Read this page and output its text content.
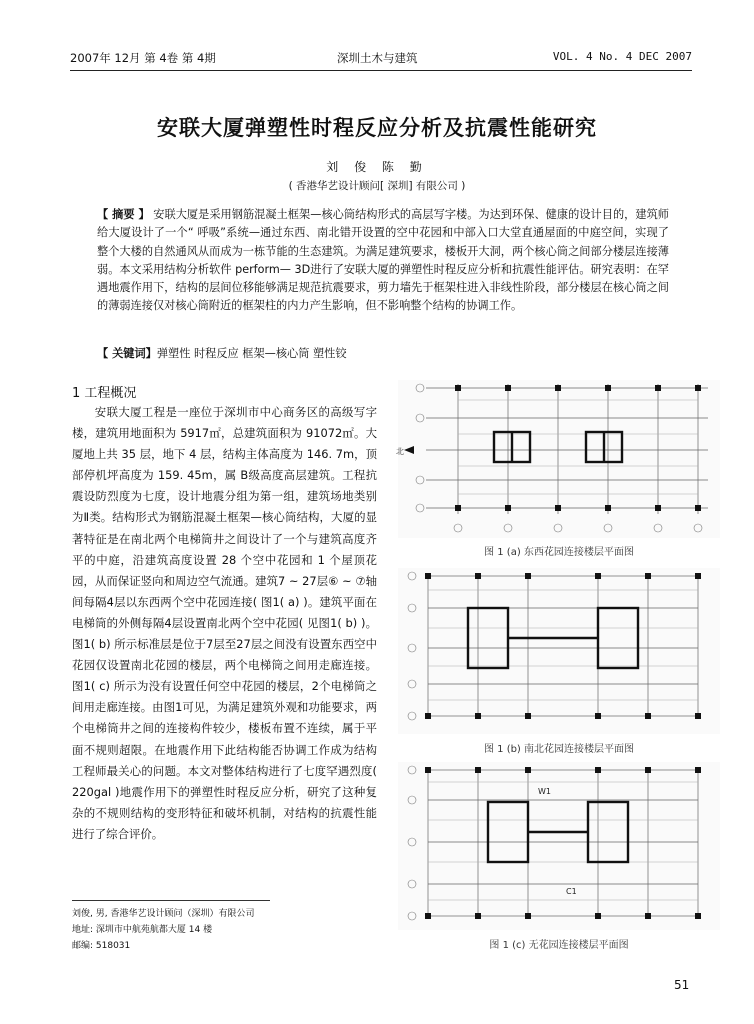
2007年 12月 第 4卷 第 4期	深圳土木与建筑	VOL. 4 No. 4 DEC 2007
安联大厦弹塑性时程反应分析及抗震性能研究
刘 俊 陈 勤
( 香港华艺设计顾问[ 深圳] 有限公司 )
【 摘要 】 安联大厦是采用钢筋混凝土框架—核心筒结构形式的高层写字楼。为达到环保、健康的设计目的，建筑师给大厦设计了一个“ 呼吸”系统—通过东西、南北错开设置的空中花园和中部入口大堂直通屋面的中庭空间，实现了整个大楼的自然通风从而成为一栋节能的生态建筑。为满足建筑要求，楼板开大洞，两个核心筒之间部分楼层连接薄弱。本文采用结构分析软件 perform— 3D进行了安联大厦的弹塑性时程反应分析和抗震性能评估。研究表明：在罕遇地震作用下，结构的层间位移能够满足规范抗震要求，剪力墙先于框架柱进入非线性阶段，部分楼层在核心筒之间的薄弱连接仅对核心筒附近的框架柱的内力产生影响，但不影响整个结构的协调工作。
【 关键词】弹塑性 时程反应 框架—核心筒 塑性铰
1 工程概况
安联大厦工程是一座位于深圳市中心商务区的高级写字楼，建筑用地面积为 5917㎡，总建筑面积为 91072㎡。大厦地上共 35 层，地下 4 层，结构主体高度为 146. 7m，顶部停机坪高度为 159. 45m，属 B级高度高层建筑。工程抗震设防烈度为七度，设计地震分组为第一组，建筑场地类别为Ⅱ类。结构形式为钢筋混凝土框架—核心筒结构，大厦的显著特征是在南北两个电梯筒井之间设计了一个与建筑高度齐平的中庭，沿建筑高度设置 28 个空中花园和 1 个屋顶花园，从而保证竖向和周边空气流通。建筑7 ~ 27层⑥ ~ ⑦轴间每隔4层以东西两个空中花园连接( 图1( a) )。建筑平面在电梯筒的外侧每隔4层设置南北两个空中花园( 见图1( b) )。图1( b) 所示标准层是位于7层至27层之间没有设置东西空中花园仅设置南北花园的楼层，两个电梯筒之间用走廊连接。图1( c) 所示为没有设置任何空中花园的楼层，2个电梯筒之间用走廊连接。由图1可见，为满足建筑外观和功能要求，两个电梯筒井之间的连接构件较少，楼板布置不连续，属于平面不规则超限。在地震作用下此结构能否协调工作成为结构工程师最关心的问题。本文对整体结构进行了七度罕遇烈度( 220gal )地震作用下的弹塑性时程反应分析，研究了这种复杂的不规则结构的变形特征和破坏机制，对结构的抗震性能进行了综合评价。
刘俊, 男, 香港华艺设计顾问（深圳）有限公司
地址: 深圳市中航苑航都大厦 14 楼
邮编: 518031
北
图 1 (a) 东西花园连接楼层平面图
图 1 (b) 南北花园连接楼层平面图
W1
C1
图 1 (c) 无花园连接楼层平面图
51
